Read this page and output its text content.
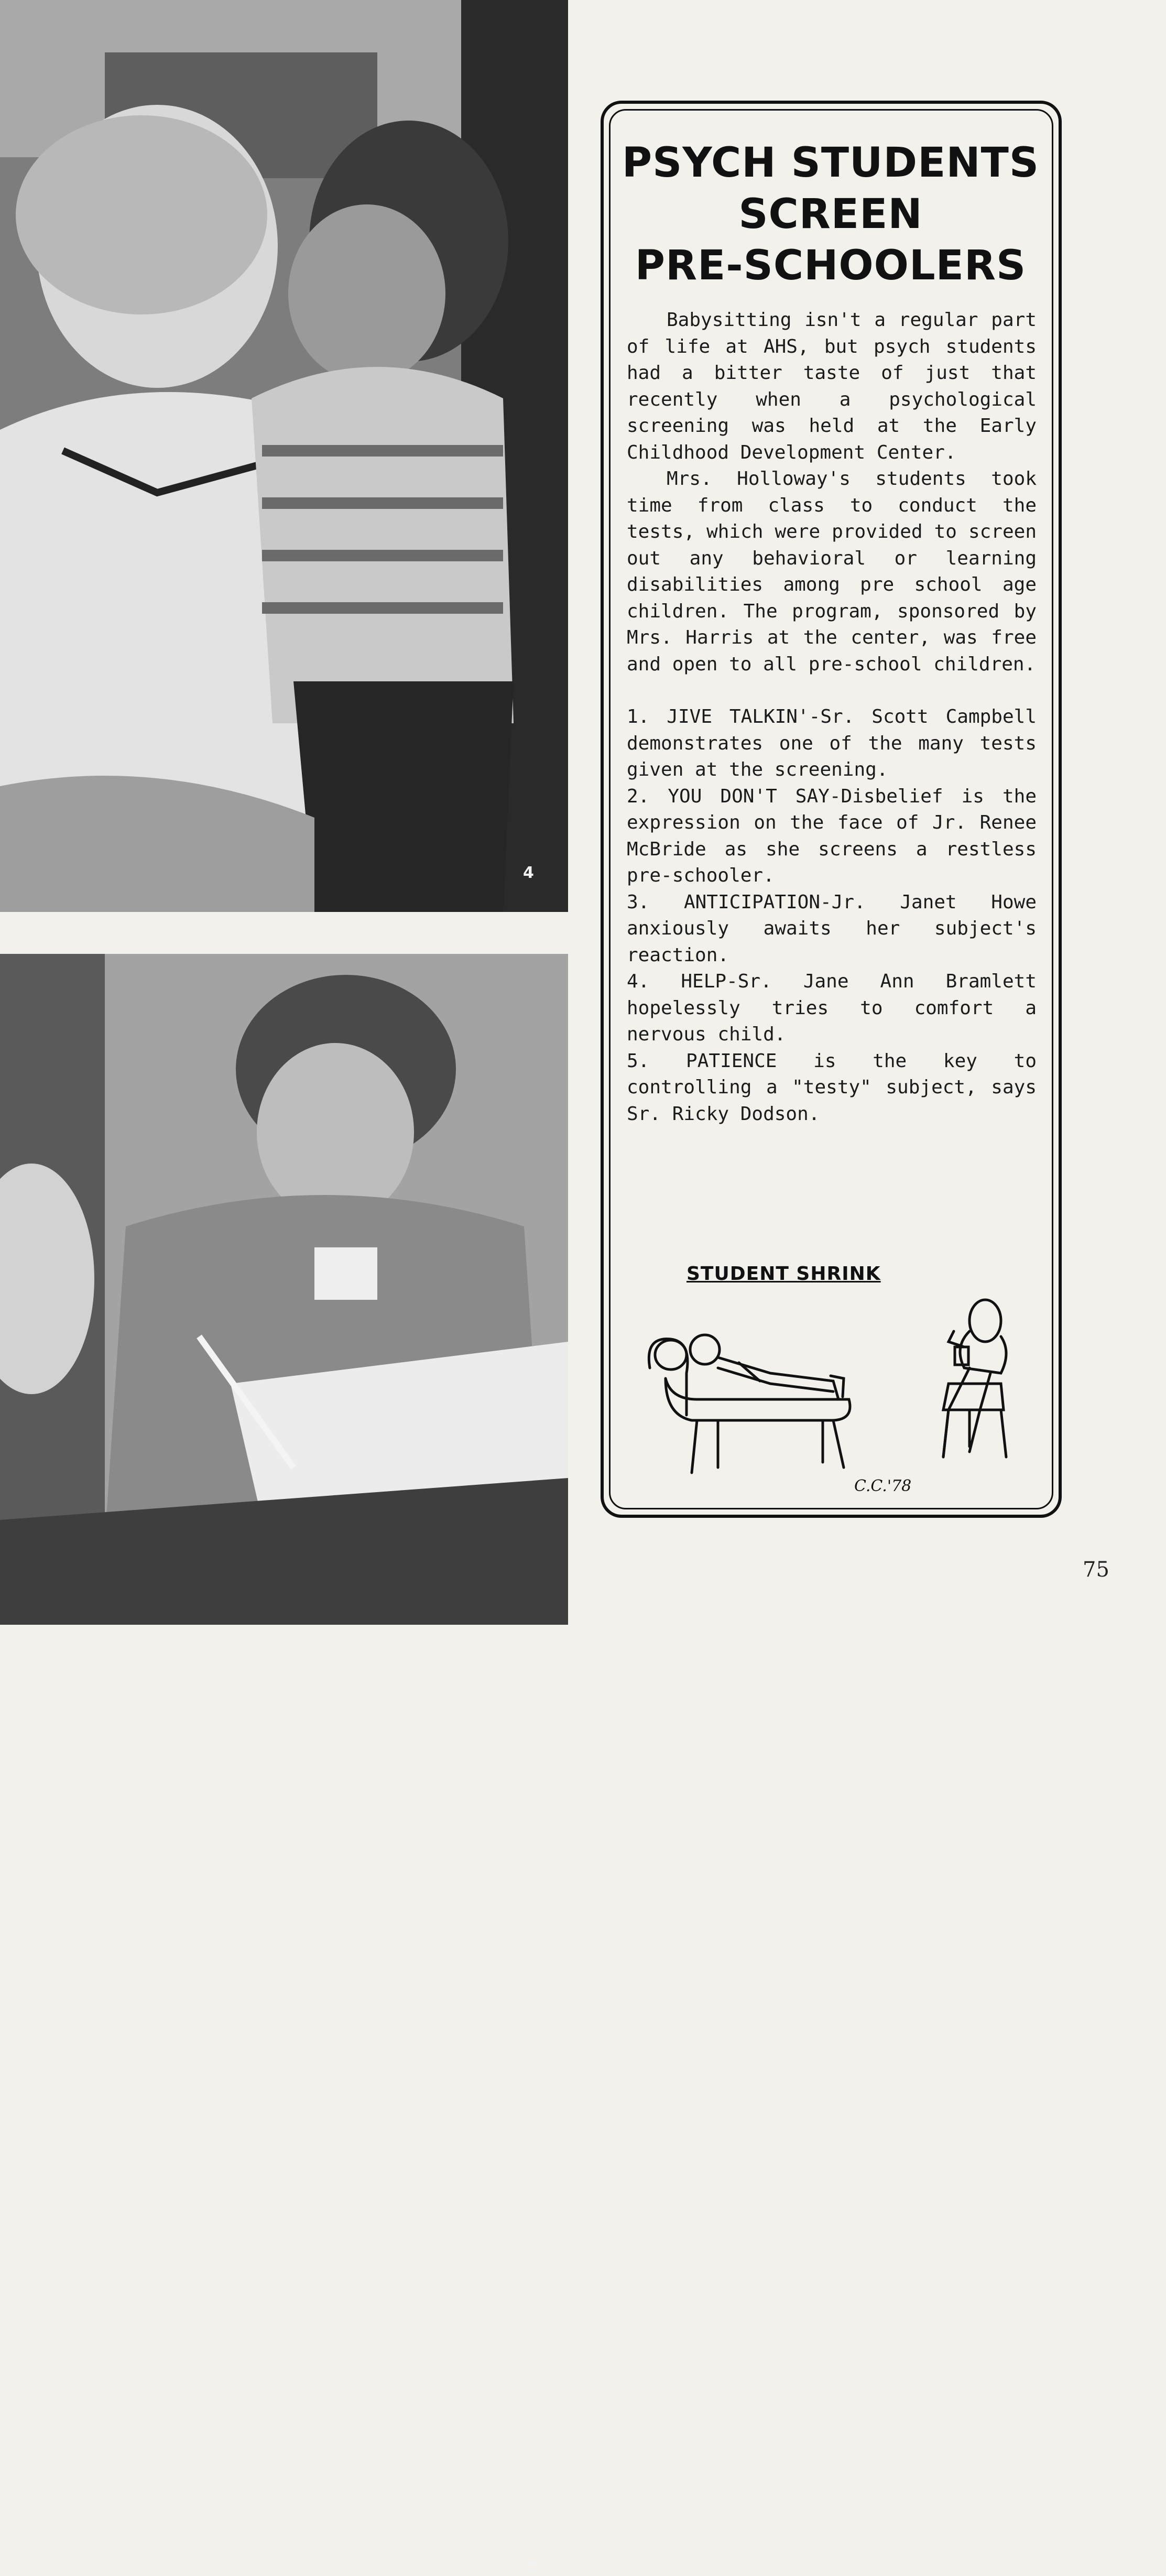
4
5
PSYCH STUDENTS
SCREEN
PRE-SCHOOLERS

Babysitting isn't a regular part of life at AHS, but psych students had a bitter taste of just that recently when a psychological screening was held at the Early Childhood Development Center.

Mrs. Holloway's students took time from class to conduct the tests, which were provided to screen out any behavioral or learning disabilities among pre school age children. The program, sponsored by Mrs. Harris at the center, was free and open to all pre-school children.

1. JIVE TALKIN'-Sr. Scott Campbell demonstrates one of the many tests given at the screening.

2. YOU DON'T SAY-Disbelief is the expression on the face of Jr. Renee McBride as she screens a restless pre-schooler.

3. ANTICIPATION-Jr. Janet Howe anxiously awaits her subject's reaction.

4. HELP-Sr. Jane Ann Bramlett hopelessly tries to comfort a nervous child.

5. PATIENCE is the key to controlling a "testy" subject, says Sr. Ricky Dodson.

STUDENT SHRINK
C.C.'78
75
